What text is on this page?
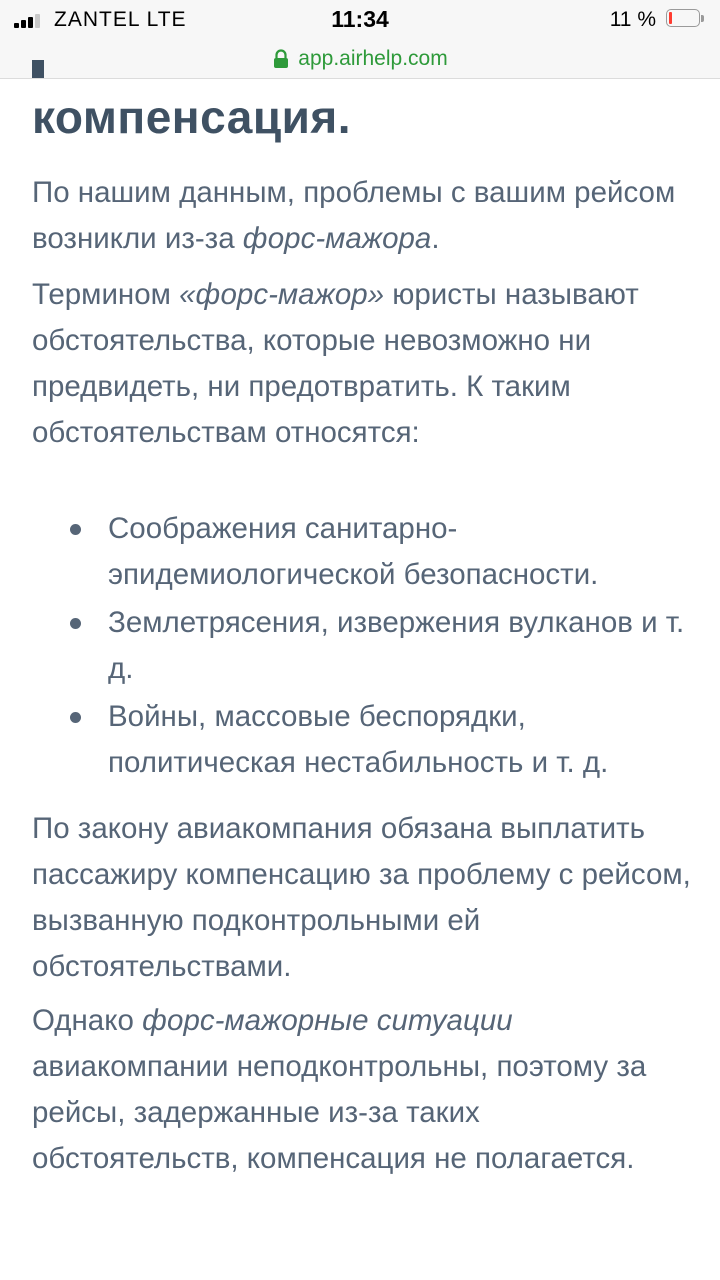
ZANTEL LTE	11:34	11 %
app.airhelp.com
компенсация.

По нашим данным, проблемы с вашим рейсом возникли из-за форс-мажора.

Термином «форс-мажор» юристы называют обстоятельства, которые невозможно ни предвидеть, ни предотвратить. К таким обстоятельствам относятся:

Соображения санитарно-эпидемиологической безопасности.
Землетрясения, извержения вулканов и т. д.
Войны, массовые беспорядки, политическая нестабильность и т. д.

По закону авиакомпания обязана выплатить пассажиру компенсацию за проблему с рейсом, вызванную подконтрольными ей обстоятельствами.

Однако форс-мажорные ситуации авиакомпании неподконтрольны, поэтому за рейсы, задержанные из-за таких обстоятельств, компенсация не полагается.
